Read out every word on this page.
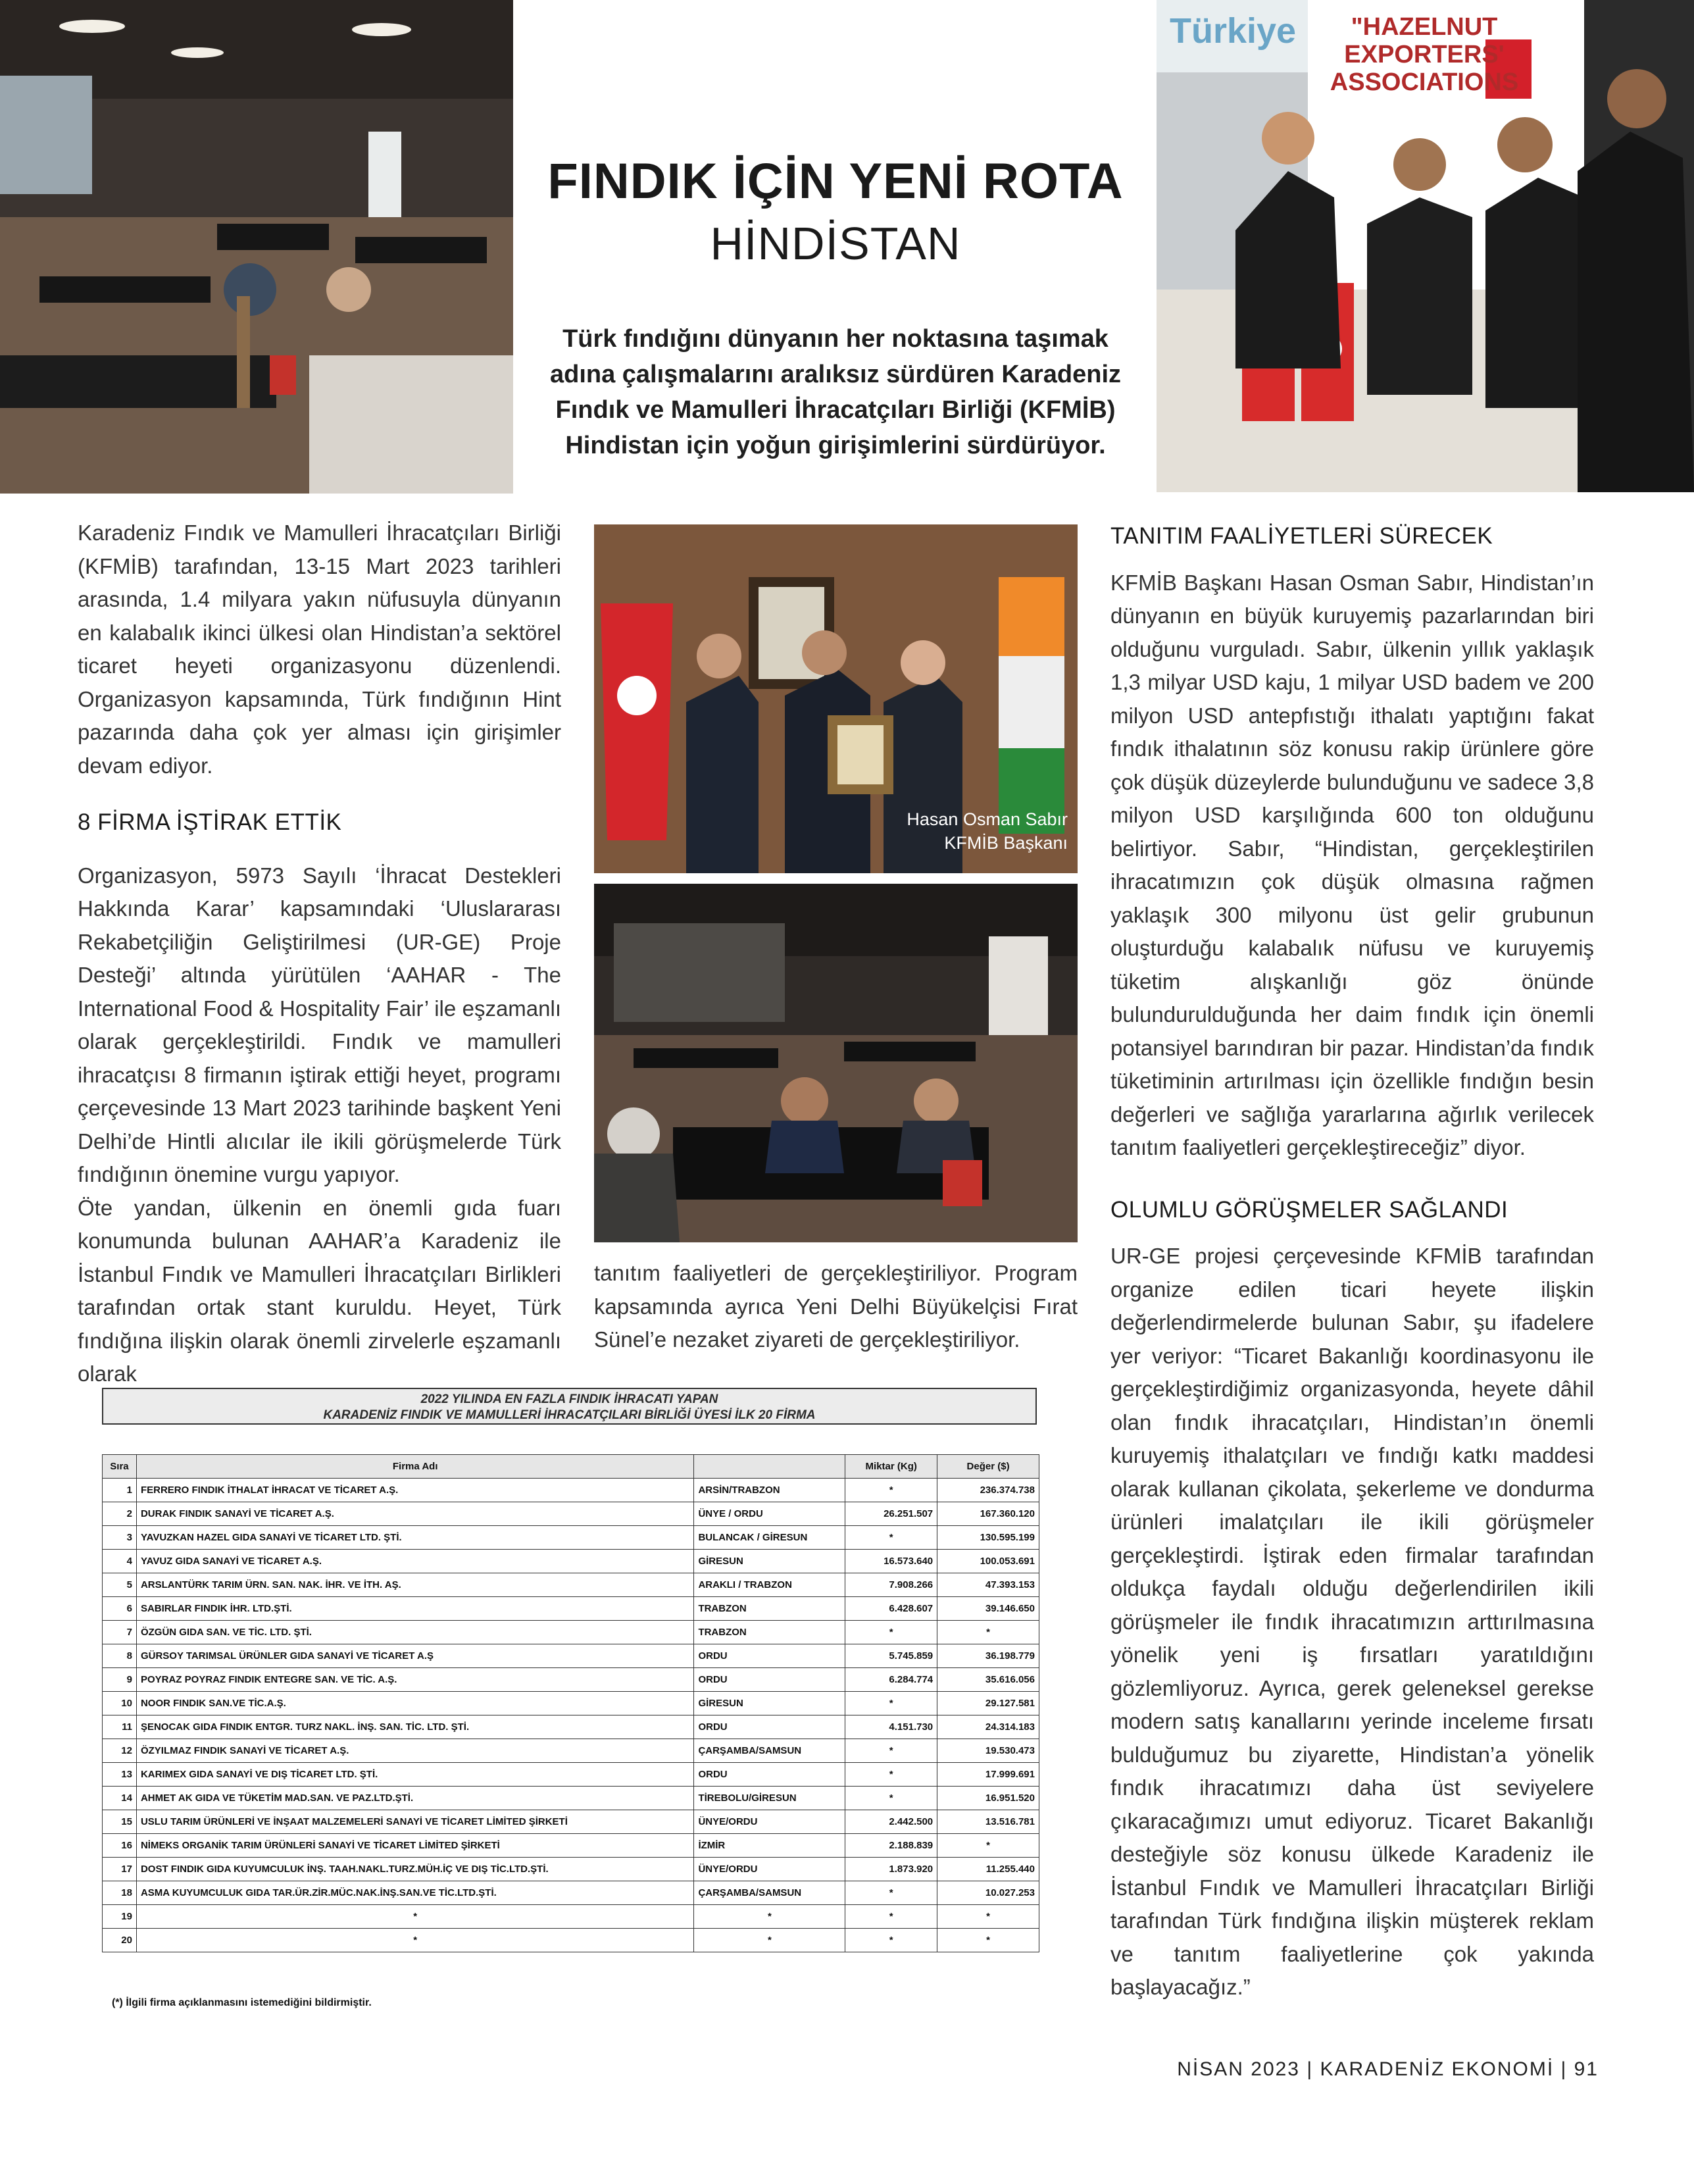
Türkiye	"HAZELNUT
EXPORTERS'
ASSOCIATIONS
FINDIK İÇİN YENİ ROTA
HİNDİSTAN
Türk fındığını dünyanın her noktasına taşımak adına çalışmalarını aralıksız sürdüren Karadeniz Fındık ve Mamulleri İhracatçıları Birliği (KFMİB) Hindistan için yoğun girişimlerini sürdürüyor.
Hasan Osman Sabır
KFMİB Başkanı

Karadeniz Fındık ve Mamulleri İhracatçıları Birliği (KFMİB) tarafından, 13-15 Mart 2023 tarihleri arasında, 1.4 milyara yakın nüfusuyla dünyanın en kalabalık ikinci ülkesi olan Hindistan’a sektörel ticaret heyeti organizasyonu düzenlendi. Organizasyon kapsamında, Türk fındığının Hint pazarında daha çok yer alması için girişimler devam ediyor.

8 FİRMA İŞTİRAK ETTİK

Organizasyon, 5973 Sayılı ‘İhracat Destekleri Hakkında Karar’ kapsamındaki ‘Uluslararası Rekabetçiliğin Geliştirilmesi (UR-GE) Proje Desteği’ altında yürütülen ‘AAHAR - The International Food & Hospitality Fair’ ile eşzamanlı olarak gerçekleştirildi. Fındık ve mamulleri ihracatçısı 8 firmanın iştirak ettiği heyet, programı çerçevesinde 13 Mart 2023 tarihinde başkent Yeni Delhi’de Hintli alıcılar ile ikili görüşmelerde Türk fındığının önemine vurgu yapıyor.

Öte yandan, ülkenin en önemli gıda fuarı konumunda bulunan AAHAR’a Karadeniz ile İstanbul Fındık ve Mamulleri İhracatçıları Birlikleri tarafından ortak stant kuruldu. Heyet, Türk fındığına ilişkin olarak önemli zirvelerle eşzamanlı olarak

tanıtım faaliyetleri de gerçekleştiriliyor. Program kapsamında ayrıca Yeni Delhi Büyükelçisi Fırat Sünel’e nezaket ziyareti de gerçekleştiriliyor.

TANITIM FAALİYETLERİ SÜRECEK

KFMİB Başkanı Hasan Osman Sabır, Hindistan’ın dünyanın en büyük kuruyemiş pazarlarından biri olduğunu vurguladı. Sabır, ülkenin yıllık yaklaşık 1,3 milyar USD kaju, 1 milyar USD badem ve 200 milyon USD antepfıstığı ithalatı yaptığını fakat fındık ithalatının söz konusu rakip ürünlere göre çok düşük düzeylerde bulunduğunu ve sadece 3,8 milyon USD karşılığında 600 ton olduğunu belirtiyor. Sabır, “Hindistan, gerçekleştirilen ihracatımızın çok düşük olmasına rağmen yaklaşık 300 milyonu üst gelir grubunun oluşturduğu kalabalık nüfusu ve kuruyemiş tüketim alışkanlığı göz önünde bulundurulduğunda her daim fındık için önemli potansiyel barındıran bir pazar. Hindistan’da fındık tüketiminin artırılması için özellikle fındığın besin değerleri ve sağlığa yararlarına ağırlık verilecek tanıtım faaliyetleri gerçekleştireceğiz” diyor.

OLUMLU GÖRÜŞMELER SAĞLANDI

UR-GE projesi çerçevesinde KFMİB tarafından organize edilen ticari heyete ilişkin değerlendirmelerde bulunan Sabır, şu ifadelere yer veriyor: “Ticaret Bakanlığı koordinasyonu ile gerçekleştirdiğimiz organizasyonda, heyete dâhil olan fındık ihracatçıları, Hindistan’ın önemli kuruyemiş ithalatçıları ve fındığı katkı maddesi olarak kullanan çikolata, şekerleme ve dondurma ürünleri imalatçıları ile ikili görüşmeler gerçekleştirdi. İştirak eden firmalar tarafından oldukça faydalı olduğu değerlendirilen ikili görüşmeler ile fındık ihracatımızın arttırılmasına yönelik yeni iş fırsatları yaratıldığını gözlemliyoruz. Ayrıca, gerek geleneksel gerekse modern satış kanallarını yerinde inceleme fırsatı bulduğumuz bu ziyarette, Hindistan’a yönelik fındık ihracatımızı daha üst seviyelere çıkaracağımızı umut ediyoruz. Ticaret Bakanlığı desteğiyle söz konusu ülkede Karadeniz ile İstanbul Fındık ve Mamulleri İhracatçıları Birliği tarafından Türk fındığına ilişkin müşterek reklam ve tanıtım faaliyetlerine çok yakında başlayacağız.”

2022 YILINDA EN FAZLA FINDIK İHRACATI YAPAN
KARADENİZ FINDIK VE MAMULLERİ İHRACATÇILARI BİRLİĞİ ÜYESİ İLK 20 FİRMA
Sıra	Firma Adı		Miktar (Kg)	Değer ($)
1	FERRERO FINDIK İTHALAT İHRACAT VE TİCARET A.Ş.	ARSİN/TRABZON	*	236.374.738
2	DURAK FINDIK SANAYİ VE TİCARET A.Ş.	ÜNYE / ORDU	26.251.507	167.360.120
3	YAVUZKAN HAZEL GIDA SANAYİ VE TİCARET LTD. ŞTİ.	BULANCAK / GİRESUN	*	130.595.199
4	YAVUZ GIDA SANAYİ VE TİCARET A.Ş.	GİRESUN	16.573.640	100.053.691
5	ARSLANTÜRK TARIM ÜRN. SAN. NAK. İHR. VE İTH. AŞ.	ARAKLI / TRABZON	7.908.266	47.393.153
6	SABIRLAR FINDIK İHR. LTD.ŞTİ.	TRABZON	6.428.607	39.146.650
7	ÖZGÜN GIDA SAN. VE TİC. LTD. ŞTİ.	TRABZON	*	*
8	GÜRSOY TARIMSAL ÜRÜNLER GIDA SANAYİ VE TİCARET A.Ş	ORDU	5.745.859	36.198.779
9	POYRAZ POYRAZ FINDIK ENTEGRE SAN. VE TİC. A.Ş.	ORDU	6.284.774	35.616.056
10	NOOR FINDIK SAN.VE TİC.A.Ş.	GİRESUN	*	29.127.581
11	ŞENOCAK GIDA FINDIK ENTGR. TURZ NAKL. İNŞ. SAN. TİC. LTD. ŞTİ.	ORDU	4.151.730	24.314.183
12	ÖZYILMAZ FINDIK SANAYİ VE TİCARET A.Ş.	ÇARŞAMBA/SAMSUN	*	19.530.473
13	KARIMEX GIDA SANAYİ VE DIŞ TİCARET LTD. ŞTİ.	ORDU	*	17.999.691
14	AHMET AK GIDA VE TÜKETİM MAD.SAN. VE PAZ.LTD.ŞTİ.	TİREBOLU/GİRESUN	*	16.951.520
15	USLU TARIM ÜRÜNLERİ VE İNŞAAT MALZEMELERİ SANAYİ VE TİCARET LİMİTED ŞİRKETİ	ÜNYE/ORDU	2.442.500	13.516.781
16	NİMEKS ORGANİK TARIM ÜRÜNLERİ SANAYİ VE TİCARET LİMİTED ŞİRKETİ	İZMİR	2.188.839	*
17	DOST FINDIK GIDA KUYUMCULUK İNŞ. TAAH.NAKL.TURZ.MÜH.İÇ VE DIŞ TİC.LTD.ŞTİ.	ÜNYE/ORDU	1.873.920	11.255.440
18	ASMA KUYUMCULUK GIDA TAR.ÜR.ZİR.MÜC.NAK.İNŞ.SAN.VE TİC.LTD.ŞTİ.	ÇARŞAMBA/SAMSUN	*	10.027.253
19	*	*	*	*
20	*	*	*	*
(*) İlgili firma açıklanmasını istemediğini bildirmiştir.
NİSAN 2023 | KARADENİZ EKONOMİ | 91
